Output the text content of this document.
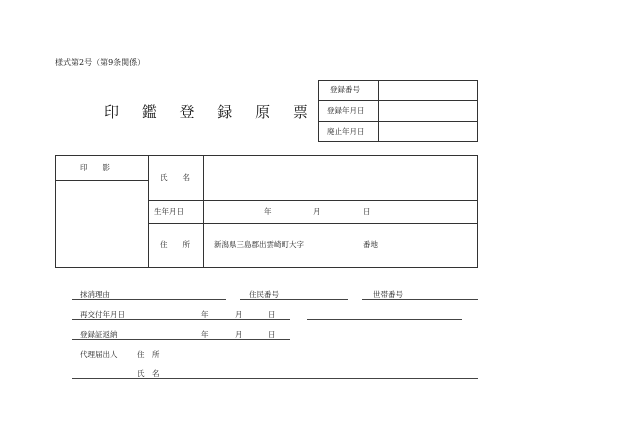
様式第2号（第9条関係）
印 鑑 登 録 原 票
登録番号
登録年月日
廃止年月日
印　　影
氏　　名
生年月日	年	月	日
住　　所	新潟県三島郡出雲崎町大字	番地
抹消理由	住民番号	世帯番号
再交付年月日	年	月	日
登録証返納	年	月	日
代理届出人	住　所
氏　名
